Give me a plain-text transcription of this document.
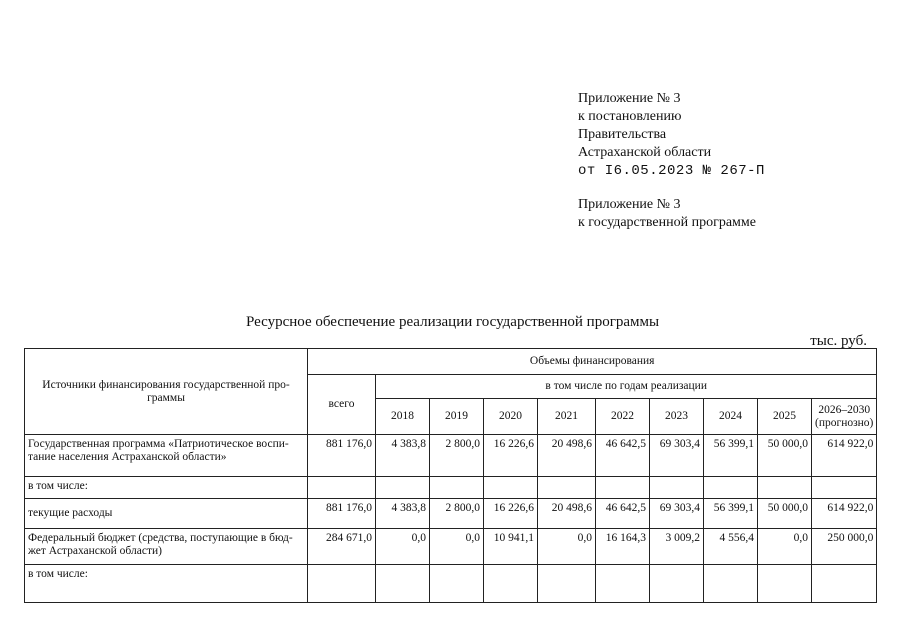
Приложение № 3
к постановлению
Правительства
Астраханской области
от I6.05.2023 № 267-П
Приложение № 3
к государственной программе
Ресурсное обеспечение реализации государственной программы
тыс. руб.
Источники финансирования государственной про- граммы	Объемы финансирования									
	всего	в том числе по годам реализации								
		2018	2019	2020	2021	2022	2023	2024	2025	2026–2030 (прогнозно)
Государственная программа «Патриотическое воспи- тание населения Астраханской области»	881 176,0	4 383,8	2 800,0	16 226,6	20 498,6	46 642,5	69 303,4	56 399,1	50 000,0	614 922,0
в том числе:										
текущие расходы	881 176,0	4 383,8	2 800,0	16 226,6	20 498,6	46 642,5	69 303,4	56 399,1	50 000,0	614 922,0
Федеральный бюджет (средства, поступающие в бюд- жет Астраханской области)	284 671,0	0,0	0,0	10 941,1	0,0	16 164,3	3 009,2	4 556,4	0,0	250 000,0
в том числе:										
